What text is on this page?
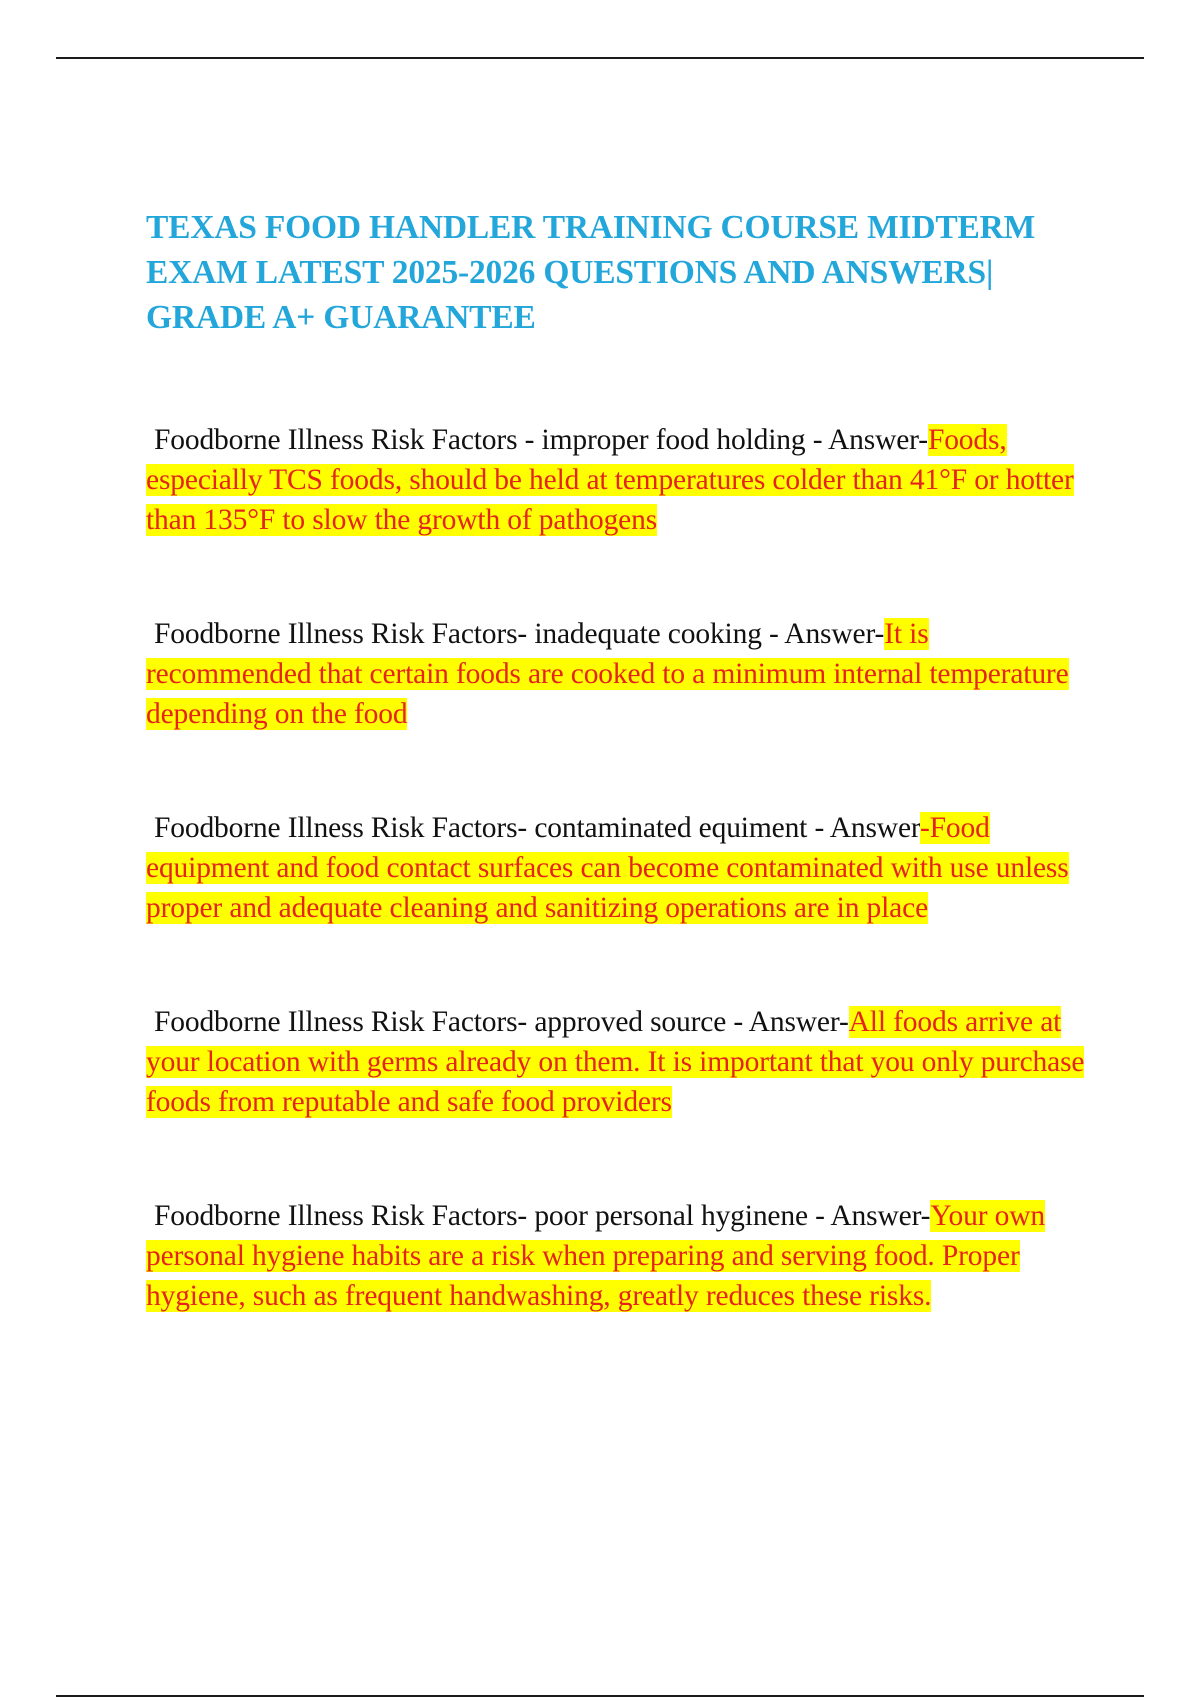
TEXAS FOOD HANDLER TRAINING COURSE MIDTERM EXAM LATEST 2025-2026 QUESTIONS AND ANSWERS| GRADE A+ GUARANTEE

Foodborne Illness Risk Factors - improper food holding - Answer-Foods, especially TCS foods, should be held at temperatures colder than 41°F or hotter than 135°F to slow the growth of pathogens

Foodborne Illness Risk Factors- inadequate cooking - Answer-It is recommended that certain foods are cooked to a minimum internal temperature depending on the food

Foodborne Illness Risk Factors- contaminated equiment - Answer-Food equipment and food contact surfaces can become contaminated with use unless proper and adequate cleaning and sanitizing operations are in place

Foodborne Illness Risk Factors- approved source - Answer-All foods arrive at your location with germs already on them. It is important that you only purchase foods from reputable and safe food providers

Foodborne Illness Risk Factors- poor personal hyginene - Answer-Your own personal hygiene habits are a risk when preparing and serving food. Proper hygiene, such as frequent handwashing, greatly reduces these risks.
